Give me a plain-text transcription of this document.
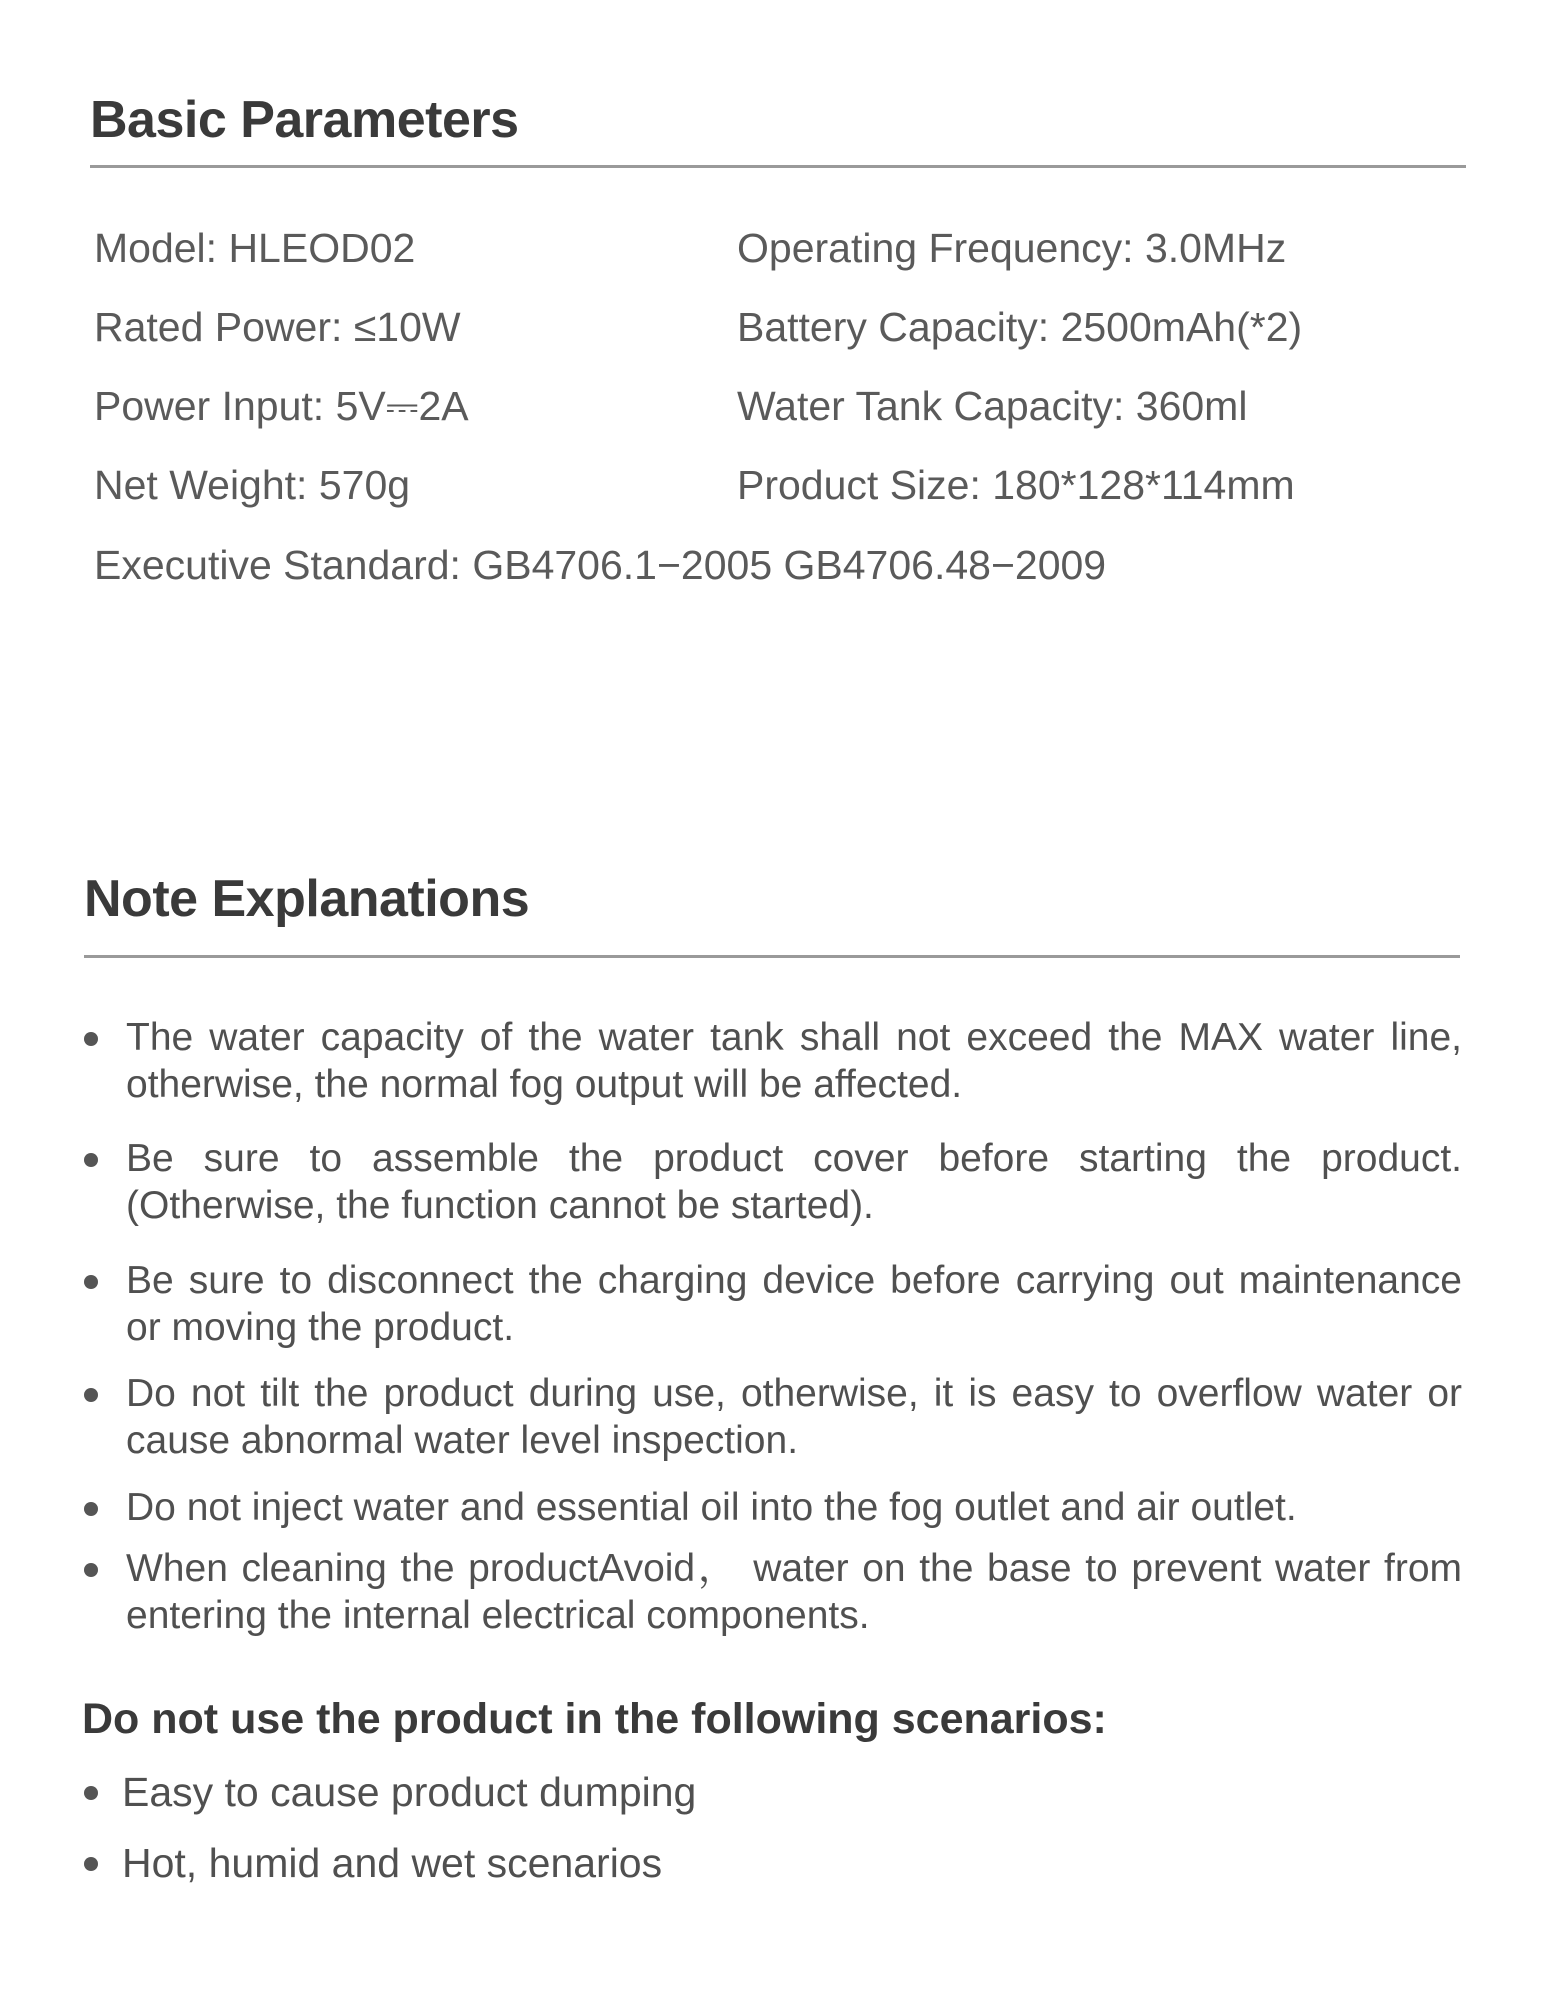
Basic Parameters
Model: HLEOD02
Rated Power: ≤10W
Power Input: 5V⎓2A
Net Weight: 570g
Operating Frequency: 3.0MHz
Battery Capacity: 2500mAh(*2)
Water Tank Capacity: 360ml
Product Size: 180*128*114mm
Executive Standard: GB4706.1−2005 GB4706.48−2009
Note Explanations
The water capacity of the water tank shall not exceed the MAX water line, otherwise, the normal fog output will be affected.
Be sure to assemble the product cover before starting the product. (Otherwise, the function cannot be started).
Be sure to disconnect the charging device before carrying out maintenance or moving the product.
Do not tilt the product during use, otherwise, it is easy to overflow water or cause abnormal water level inspection.
Do not inject water and essential oil into the fog outlet and air outlet.
When cleaning the productAvoid， water on the base to prevent water from entering the internal electrical components.
Do not use the product in the following scenarios:
Easy to cause product dumping
Hot, humid and wet scenarios
